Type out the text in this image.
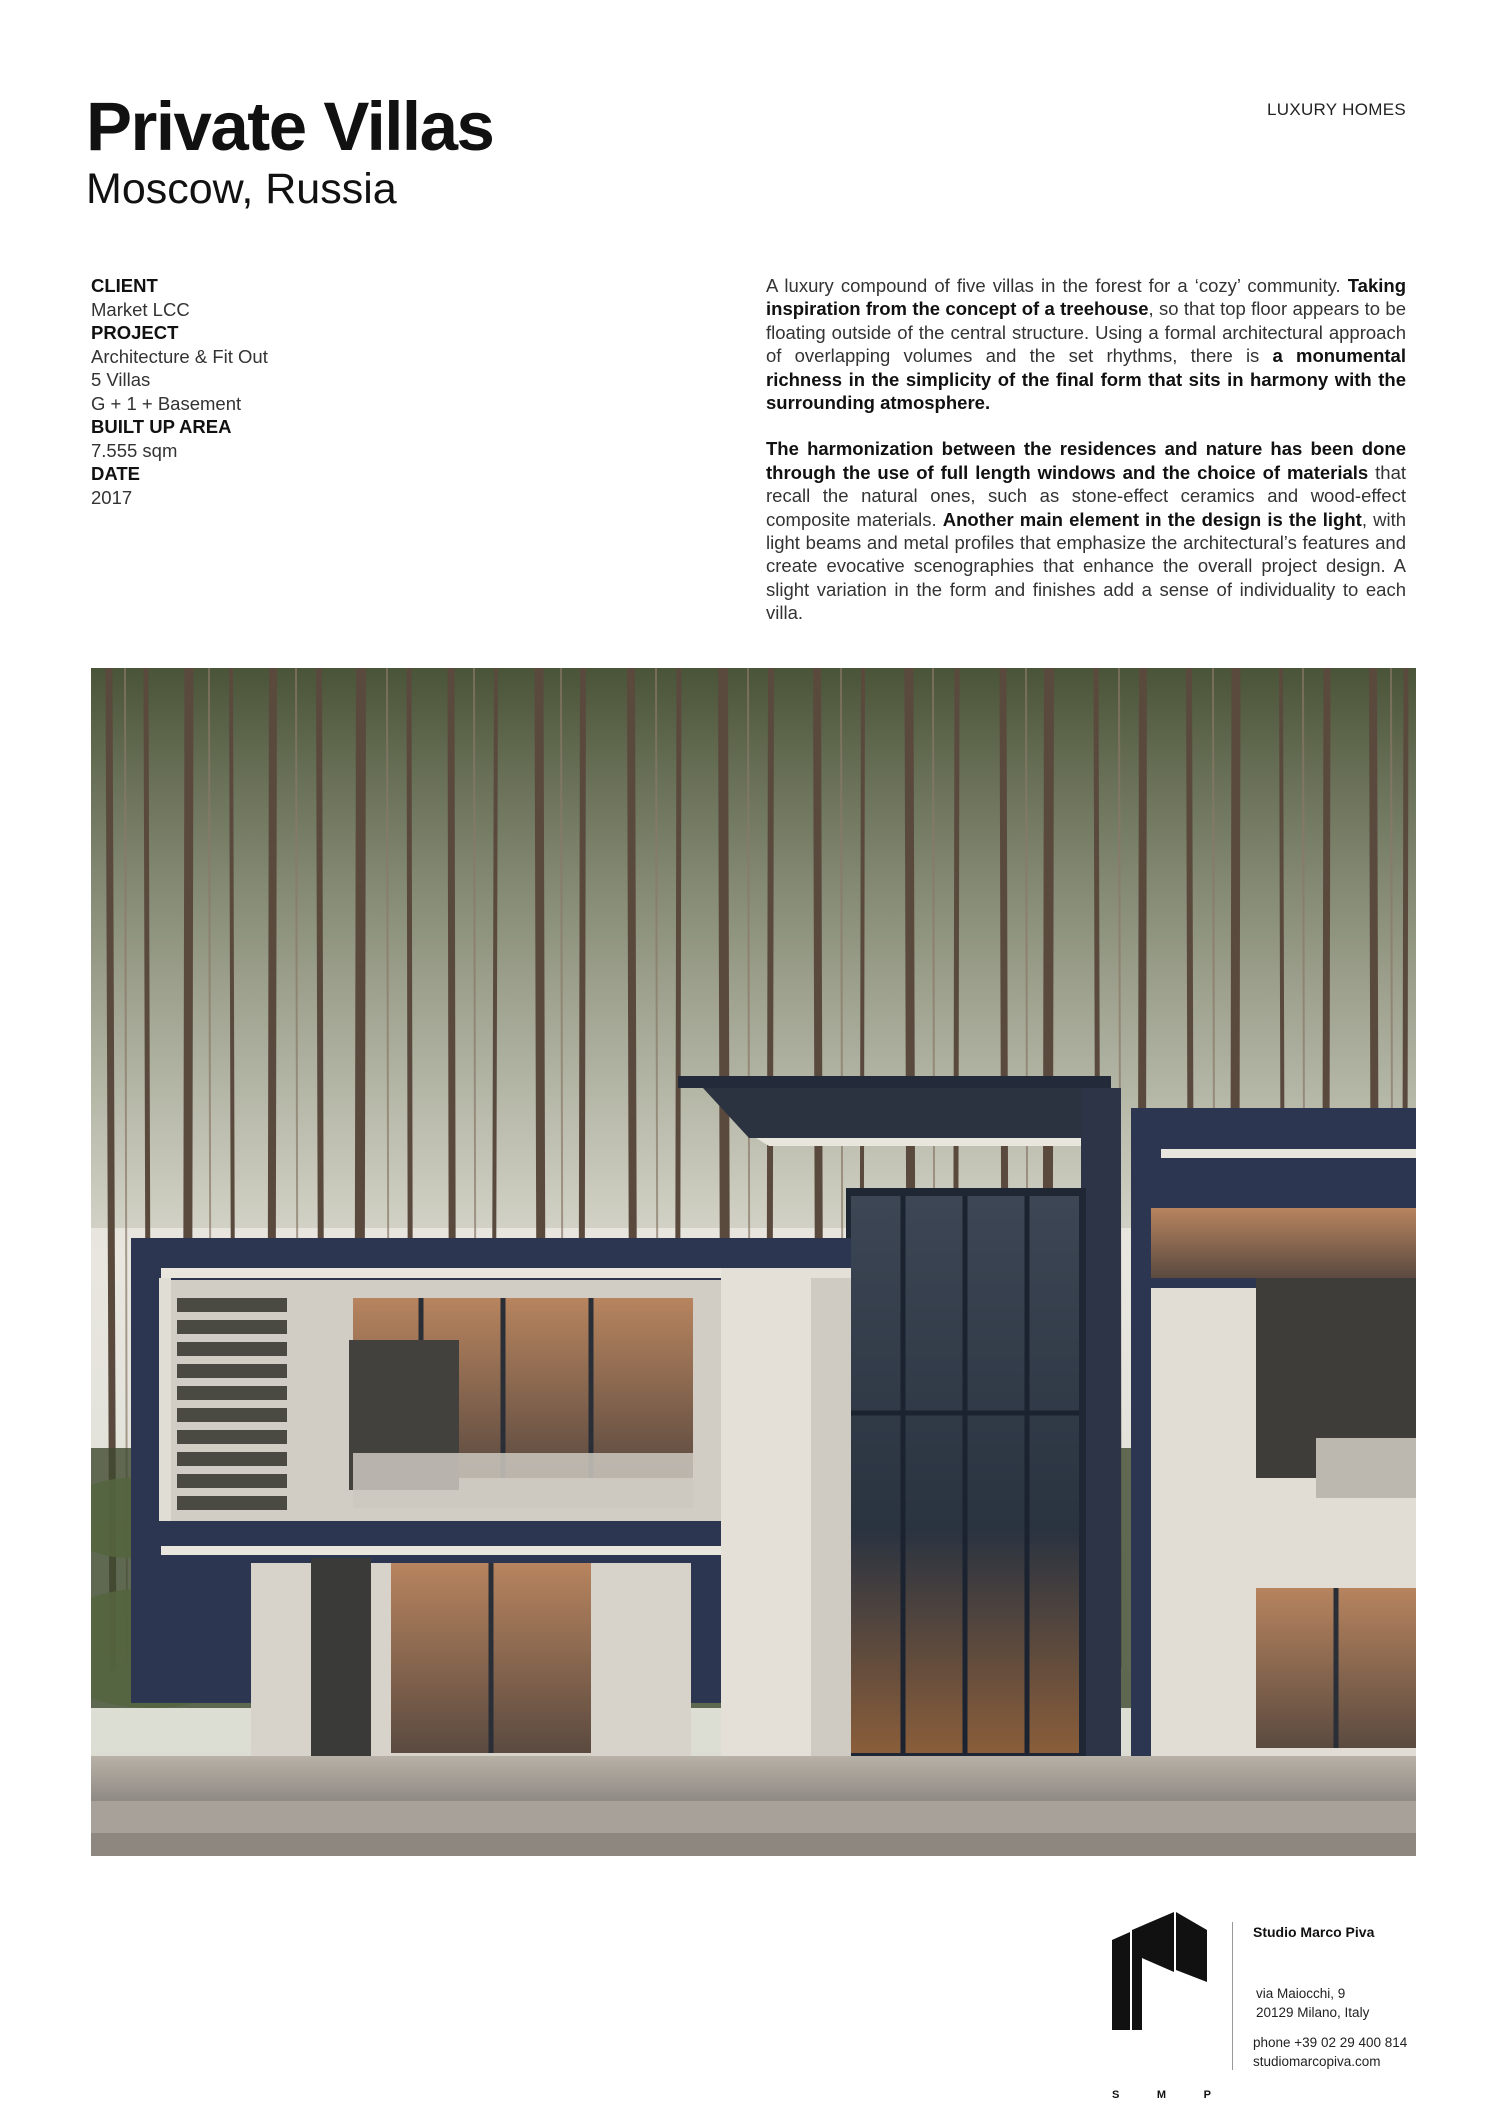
Private Villas
Moscow, Russia
LUXURY HOMES
CLIENT
Market LCC
PROJECT
Architecture & Fit Out
5 Villas
G + 1 + Basement
BUILT UP AREA
7.555 sqm
DATE
2017

A luxury compound of five villas in the forest for a ‘cozy’ community. Taking inspiration from the concept of a treehouse, so that top floor appears to be floating outside of the central structure. Using a formal architectural approach of overlapping volumes and the set rhythms, there is a monumental richness in the simplicity of the final form that sits in harmony with the surrounding atmosphere.

The harmonization between the residences and nature has been done through the use of full length windows and the choice of materials that recall the natural ones, such as stone-effect ceramics and wood-effect composite materials. Another main element in the design is the light, with light beams and metal profiles that emphasize the architectural’s features and create evocative scenographies that enhance the overall project design. A slight variation in the form and finishes add a sense of individuality to each villa.

S	M	P
Studio Marco Piva
via Maiocchi, 9
20129 Milano, Italy
phone +39 02 29 400 814
studiomarcopiva.com
